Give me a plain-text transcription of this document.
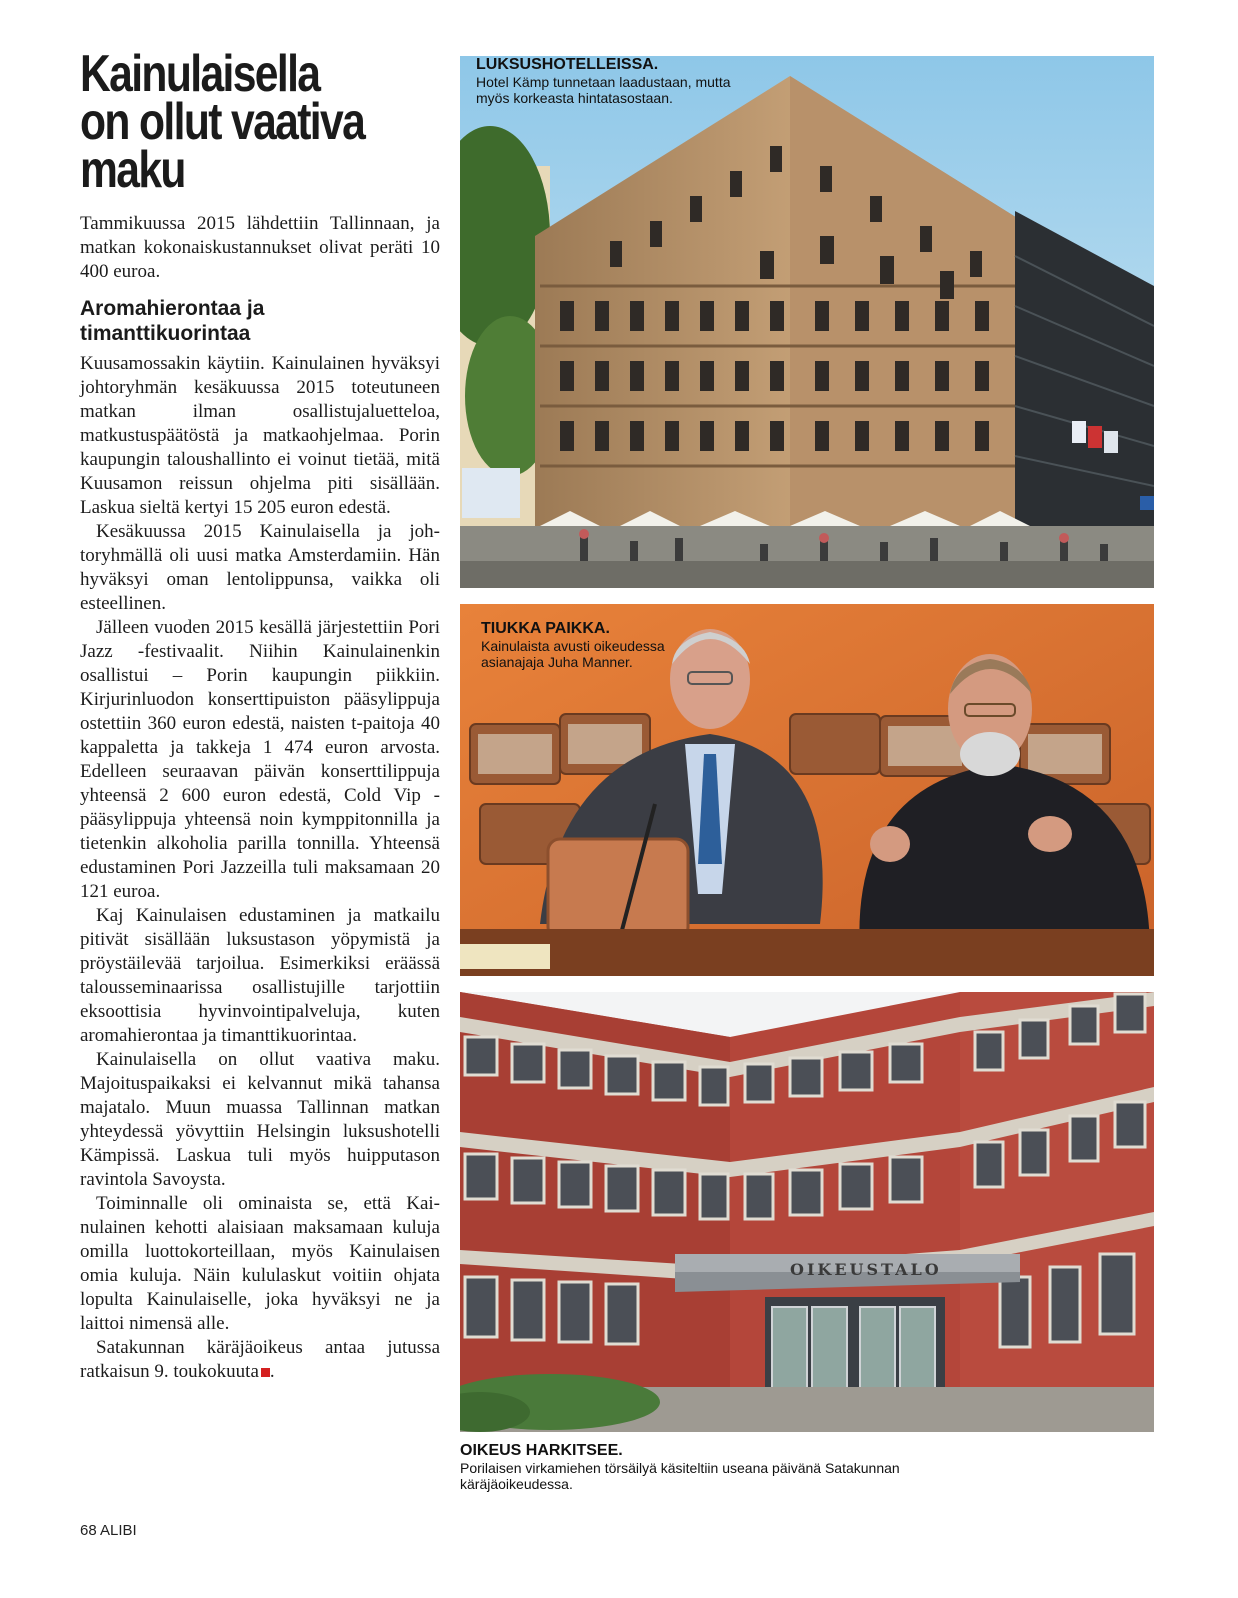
Kainulaisella
on ollut vaativa
maku

Tammikuussa 2015 lähdettiin Tallinnaan, ja matkan kokonaiskustannukset olivat peräti 10 400 euroa.

Aromahierontaa ja timanttikuorintaa

Kuusamossakin käytiin. Kainulainen hyväksyi johtoryhmän kesäkuussa 2015 toteutuneen matkan ilman osallistujaluetteloa, matkustuspäätöstä ja matkaohjelmaa. Porin kaupungin taloushallinto ei voinut tietää, mitä Kuusamon reissun ohjelma piti sisällään. Laskua sieltä kertyi 15 205 euron edestä.

Kesäkuussa 2015 Kainulaisella ja johtoryhmällä oli uusi matka Amsterdamiin. Hän hyväksyi oman lentolippunsa, vaikka oli esteellinen.

Jälleen vuoden 2015 kesällä järjestettiin Pori Jazz -festivaalit. Niihin Kainulainenkin osallistui – Porin kaupungin piikkiin. Kirjurinluodon konserttipuiston pääsylippuja ostettiin 360 euron edestä, naisten t-paitoja 40 kappaletta ja takkeja 1 474 euron arvosta. Edelleen seuraavan päivän konserttilippuja yhteensä 2 600 euron edestä, Cold Vip -pääsylippuja yhteensä noin kymppitonnilla ja tietenkin alkoholia parilla tonnilla. Yhteensä edustaminen Pori Jazzeilla tuli maksamaan 20 121 euroa.

Kaj Kainulaisen edustaminen ja matkailu pitivät sisällään luksustason yöpymistä ja pröystäilevää tarjoilua. Esimerkiksi eräässä talousseminaarissa osallistujille tarjottiin eksoottisia hyvinvointipalveluja, kuten aromahierontaa ja timanttikuorintaa.

Kainulaisella on ollut vaativa maku. Majoituspaikaksi ei kelvannut mikä tahansa majatalo. Muun muassa Tallinnan matkan yhteydessä yövyttiin Helsingin luksushotelli Kämpissä. Laskua tuli myös huipputason ravintola Savoysta.

Toiminnalle oli ominaista se, että Kainulainen kehotti alaisiaan maksamaan kuluja omilla luottokorteillaan, myös Kainulaisen omia kuluja. Näin kululaskut voitiin ohjata lopulta Kainulaiselle, joka hyväksyi ne ja laittoi nimensä alle.

Satakunnan käräjäoikeus antaa jutussa ratkaisun 9. toukokuuta .

68 ALIBI
LUKSUSHOTELLEISSA.
Hotel Kämp tunnetaan laadustaan, mutta myös korkeasta hintatasostaan.
TIUKKA PAIKKA.
Kainulaista avusti oikeudessa asianajaja Juha Manner.
OIKEUSTALO
OIKEUS HARKITSEE.
Porilaisen virkamiehen törsäilyä käsiteltiin useana päivänä Satakunnan käräjäoikeudessa.
